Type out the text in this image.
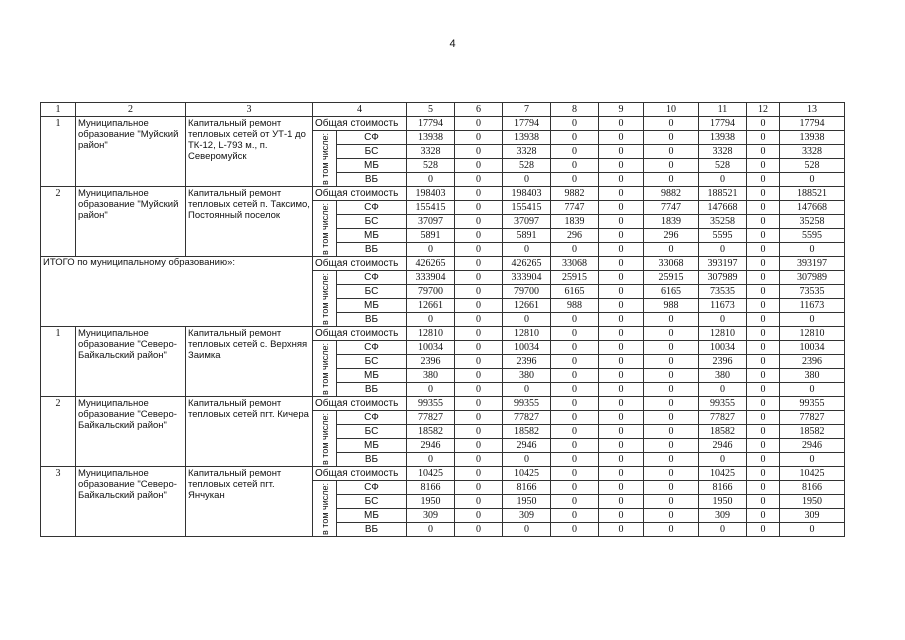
4
1	2	3	4		5	6	7	8	9	10	11	12	13
1	Муниципальное образование "Муйский район"	Капитальный ремонт тепловых сетей от УТ-1 до ТК-12, L-793 м., п. Северомуйск	Общая стоимость		17794	0	17794	0	0	0	17794	0	17794

			в том числе:	СФ	13938	0	13938	0	0	0	13938	0	13938
				БС	3328	0	3328	0	0	0	3328	0	3328
				МБ	528	0	528	0	0	0	528	0	528
				ВБ	0	0	0	0	0	0	0	0	0
2	Муниципальное образование "Муйский район"	Капитальный ремонт тепловых сетей п. Таксимо, Постоянный поселок	Общая стоимость		198403	0	198403	9882	0	9882	188521	0	188521

			в том числе:	СФ	155415	0	155415	7747	0	7747	147668	0	147668
				БС	37097	0	37097	1839	0	1839	35258	0	35258
				МБ	5891	0	5891	296	0	296	5595	0	5595
				ВБ	0	0	0	0	0	0	0	0	0
ИТОГО по муниципальному образованию»:			Общая стоимость		426265	0	426265	33068	0	33068	393197	0	393197

			в том числе:	СФ	333904	0	333904	25915	0	25915	307989	0	307989
				БС	79700	0	79700	6165	0	6165	73535	0	73535
				МБ	12661	0	12661	988	0	988	11673	0	11673
				ВБ	0	0	0	0	0	0	0	0	0
1	Муниципальное образование "Северо-Байкальский район"	Капитальный ремонт тепловых сетей с. Верхняя Заимка	Общая стоимость		12810	0	12810	0	0	0	12810	0	12810

			в том числе:	СФ	10034	0	10034	0	0	0	10034	0	10034
				БС	2396	0	2396	0	0	0	2396	0	2396
				МБ	380	0	380	0	0	0	380	0	380
				ВБ	0	0	0	0	0	0	0	0	0
2	Муниципальное образование "Северо-Байкальский район"	Капитальный ремонт тепловых сетей пгт. Кичера	Общая стоимость		99355	0	99355	0	0	0	99355	0	99355

			в том числе:	СФ	77827	0	77827	0	0	0	77827	0	77827
				БС	18582	0	18582	0	0	0	18582	0	18582
				МБ	2946	0	2946	0	0	0	2946	0	2946
				ВБ	0	0	0	0	0	0	0	0	0
3	Муниципальное образование "Северо-Байкальский район"	Капитальный ремонт тепловых сетей пгт. Янчукан	Общая стоимость		10425	0	10425	0	0	0	10425	0	10425

			в том числе:	СФ	8166	0	8166	0	0	0	8166	0	8166
				БС	1950	0	1950	0	0	0	1950	0	1950
				МБ	309	0	309	0	0	0	309	0	309
				ВБ	0	0	0	0	0	0	0	0	0
